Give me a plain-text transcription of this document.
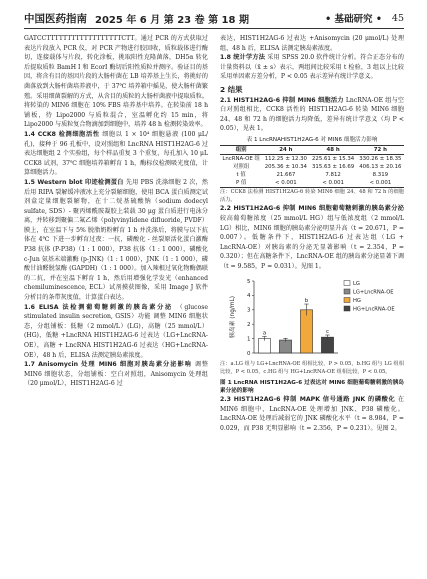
中国医药指南 2025 年 6 月 第 23 卷 第 18 期	• 基础研究 • 45

GATCCTTTTTTTTTTTTTTTTTTCTT。通过 PCR 的方式获取过表达片段放入 PCR 仪，对 PCR 产物进行胶回收，质粒载体进行酶切，连接载体与片段，转化涂板，挑取阳性克隆菌落，DH5α 转化后提取质粒 BamH I 和 EcorI 酶切后阳性质粒并测序。验证目的基因，将含有目的基因片段的大肠杆菌在 LB 培养基上生长，将挑好的菌落放到大肠杆菌培养液中，于 37℃ 培养箱中摇晃，使大肠杆菌繁殖。采用细菌裂解的方式，从含目的质粒的大肠杆菌液中提取质粒。将转染的 MIN6 细胞在 10% FBS 培养基中培养。在转染前 18 h 铺板，待 Lipo2000 与质粒混合，室温孵化约 15 min，将 Lipo2000 与质粒复合物滴加到细胞中，培养 48 h 检测转染效率。

1.4 CCK8 检测细胞活性 细胞以 1 × 10⁴ 细胞悬液 (100 μL/孔)，接种于 96 孔板中，设对照组和 LncRNA HIST1H2AG-6 过表达细胞组 2 个实验组，每个样品重复 3 个重复，每孔加入 10 μL CCK8 试剂，37℃ 细胞培养箱孵育 1 h，酶标仪检测吸光度值，计算细胞活力。

1.5 Western blot 印迹检测蛋白 先用 PBS 洗涤细胞 2 次，然后用 RIPA 裂解缓冲液冰上充分裂解细胞，使用 BCA 蛋白质测定试剂盒定量细胞裂解物，在十二烷基硫酸钠（sodium dodecyl sulfate, SDS）- 聚丙烯酰胺凝胶上装载 30 μg 蛋白质进行电泳分离，并转移到聚偏二氟乙烯（polyvinylidene difluoride, PVDF）膜上，在室温下与 5% 脱脂奶粉孵育 1 h 并洗涤后，将膜与以下抗体在 4℃ 下进一步孵育过夜：一抗，磷酸化 - 丝裂原活化蛋白激酶 P38 抗体 (P-P38)（1 : 1 000），P38 抗体（1 : 1 000），磷酸化 c-Jun 氨基末端激酶 (p-JNK)（1 : 1 000），JNK（1 : 1 000），磷酸甘油醛脱氢酶 (GAPDH)（1 : 1 000）。加入辣根过氧化物酶偶联的二抗，并在室温下孵育 1 h，然后用增强化学发光（enhanced chemiluminescence, ECL）试剂摸获图像，采用 Image J 软件分析目的条带灰度值，计算蛋白表达。

1.6 ELISA 法检测葡萄糖刺激的胰岛素分泌 （glucose stimulated insulin secretion, GSIS）功能 调整 MIN6 细胞状态，分组铺板：低糖（2 mmol/L）(LG)，高糖（25 mmol/L）(HG)，低糖 +LncRNA HIST1H2AG-6 过表达（LG+LncRNA-OE），高糖 + LncRNA HIST1H2AG-6 过表达（HG+LncRNA-OE），48 h 后，ELISA 法测定胰岛素浓度。

1.7 Anisomycin 处理 MIN6 细胞对胰岛素分泌影响 调整 MIN6 细胞状态，分组铺板：空白对照组，Anisomycin 处理组（20 μmol/L），HIST1H2AG-6 过

表达，HIST1H2AG-6 过表达 +Anisomycin (20 μmol/L) 处理组，48 h 后，ELISA 法测定胰岛素浓度。

1.8 统计学方法 采用 SPSS 20.0 软件统计分析。符合正态分布的计量资料以（x̄ ± s）表示，两组间比较采用 t 检验，3 组以上比较采用单因素方差分析，P < 0.05 表示差异有统计学意义。

2 结果

2.1 HIST1H2AG-6 抑制 MIN6 细胞活力 LncRNA-OE 组与空白对照组相比，CCK8 活性的 HIST1H2AG-6 转染 MIN6 细胞 24、48 和 72 h 的细胞活力均降低，差异有统计学意义（均 P < 0.05），见表 1。

表 1 LncRNAHIST1H2AG-6 对 MIN6 细胞活力影响
组别	24 h	48 h	72 h
LncRNA-OE 组	112.25 ± 12.30	225.61 ± 15.34	330.26 ± 18.35
对照组	205.36 ± 10.34	315.63 ± 16.69	406.13 ± 20.16
t 值	21.667	7.812	8.319
P 值	< 0.001	< 0.001	< 0.001
注：CCK8 法检测 HIST1H2AG-6 转染 MIN6 细胞 24、48 和 72 h 的细胞活力。

2.2 HIST1H2AG-6 抑制 MIN6 细胞葡萄糖刺激的胰岛素分泌 较高葡萄糖浓度（25 mmol/L HG）组与低浓度组（2 mmol/L LG）相比，MIN6 细胞的胰岛素分泌明显升高（t = 20.671，P = 0.007）。低糖条件下，HIST1H2AG-6 过表达组（LG + LncRNA-OE）对胰岛素的分泌无显著影响（t = 2.354，P = 0.320）；但在高糖条件下，LncRNA-OE 组的胰岛素分泌显著下调（t = 9.585，P = 0.031）。见图 1。

0
1
2
3
4
5
胰岛素 (ng/mL)	a
b
c
LG
LG+LncRNA-OE
HG
HG+LncRNA-OE
注：a.LG 组与 LG+LncRNA-OE 组相比较，P > 0.05，b.HG 组与 LG 组相比较，P < 0.05，c.HG 组与 HG+LncRNA-OE 组相比较，P < 0.05。
图 1 LncRNA HIST1H2AG-6 过表达对 MIN6 细胞葡萄糖刺激的胰岛素分泌的影响

2.3 HIST1H2AG-6 抑制 MAPK 信号通路 JNK 的磷酸化 在 MIN6 细胞中，LncRNA-OE 处理增加 JNK、P38 磷酸化。LncRNA-OE 处理后减弱它的 JNK 磷酸化水平（t = 8.984，P = 0.029，而 P38 无明显影响（t = 2.356，P = 0.231）。见图 2。
